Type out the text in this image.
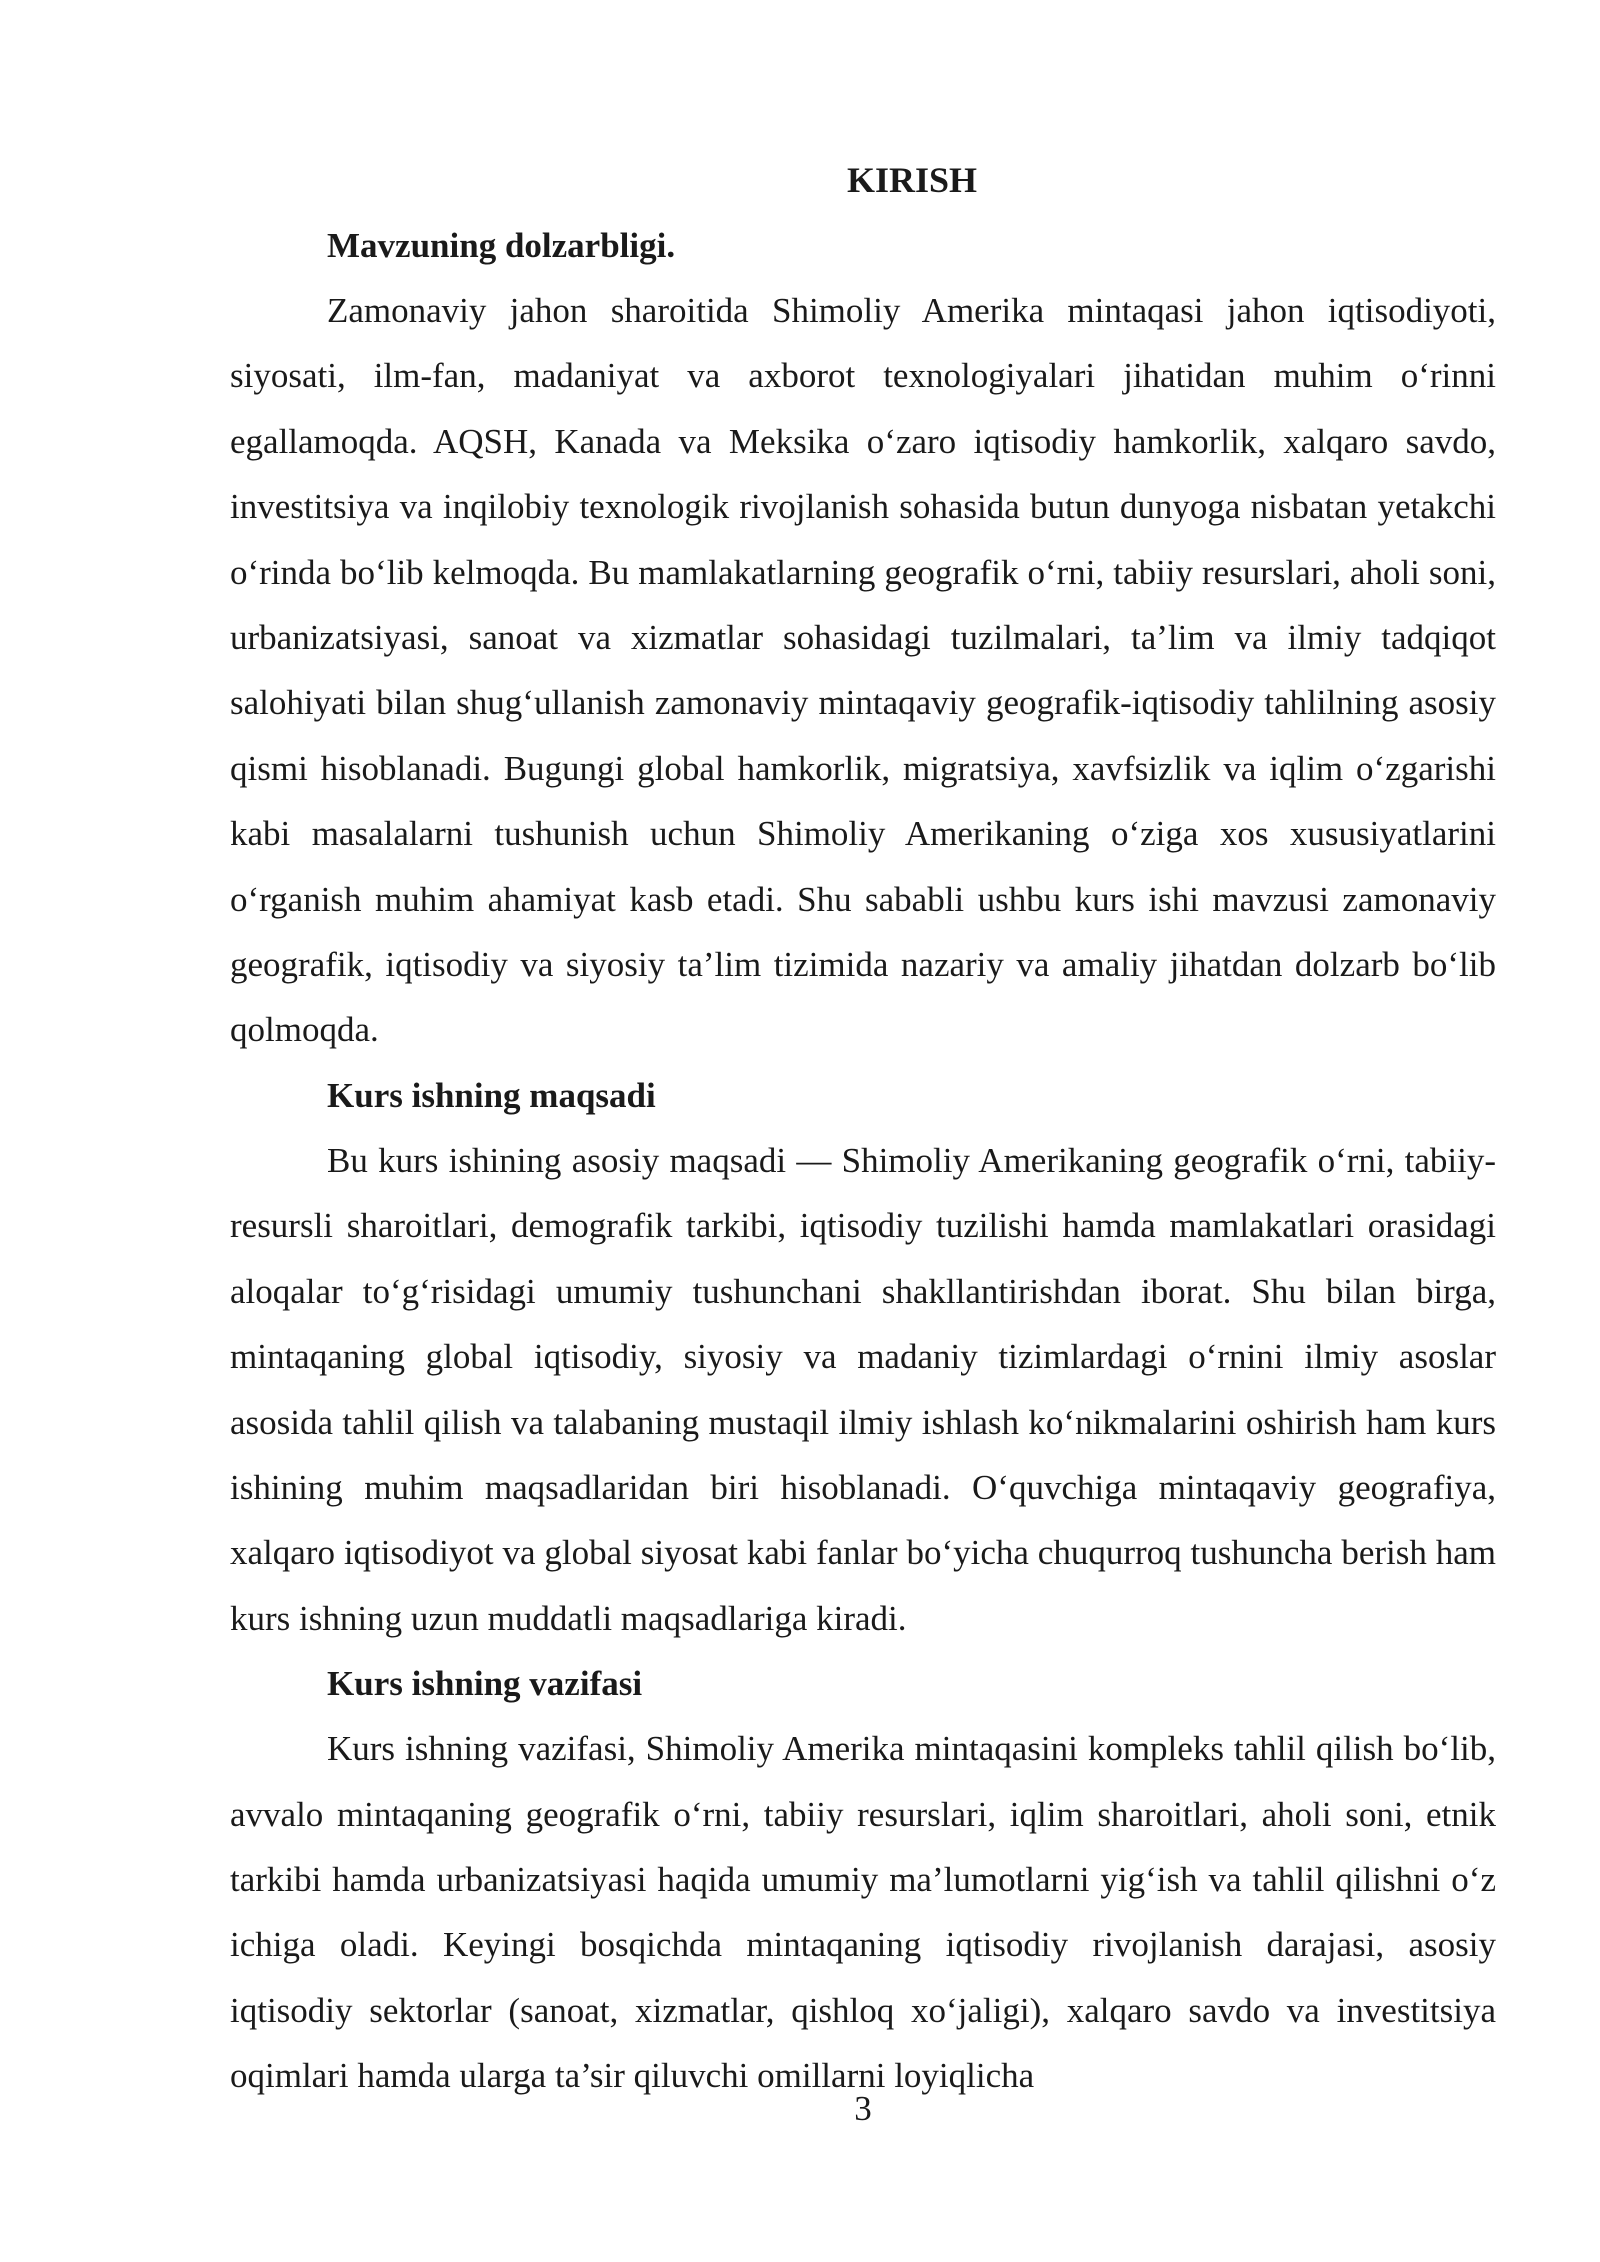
KIRISH
Mavzuning dolzarbligi.

Zamonaviy jahon sharoitida Shimoliy Amerika mintaqasi jahon iqtisodiyoti, siyosati, ilm-fan, madaniyat va axborot texnologiyalari jihatidan muhim o‘rinni egallamoqda. AQSH, Kanada va Meksika o‘zaro iqtisodiy hamkorlik, xalqaro savdo, investitsiya va inqilobiy texnologik rivojlanish sohasida butun dunyoga nisbatan yetakchi o‘rinda bo‘lib kelmoqda. Bu mamlakatlarning geografik o‘rni, tabiiy resurslari, aholi soni, urbanizatsiyasi, sanoat va xizmatlar sohasidagi tuzilmalari, ta’lim va ilmiy tadqiqot salohiyati bilan shug‘ullanish zamonaviy mintaqaviy geografik-iqtisodiy tahlilning asosiy qismi hisoblanadi. Bugungi global hamkorlik, migratsiya, xavfsizlik va iqlim o‘zgarishi kabi masalalarni tushunish uchun Shimoliy Amerikaning o‘ziga xos xususiyatlarini o‘rganish muhim ahamiyat kasb etadi. Shu sababli ushbu kurs ishi mavzusi zamonaviy geografik, iqtisodiy va siyosiy ta’lim tizimida nazariy va amaliy jihatdan dolzarb bo‘lib qolmoqda.

Kurs ishning maqsadi

Bu kurs ishining asosiy maqsadi — Shimoliy Amerikaning geografik o‘rni, tabiiy-resursli sharoitlari, demografik tarkibi, iqtisodiy tuzilishi hamda mamlakatlari orasidagi aloqalar to‘g‘risidagi umumiy tushunchani shakllantirishdan iborat. Shu bilan birga, mintaqaning global iqtisodiy, siyosiy va madaniy tizimlardagi o‘rnini ilmiy asoslar asosida tahlil qilish va talabaning mustaqil ilmiy ishlash ko‘nikmalarini oshirish ham kurs ishining muhim maqsadlaridan biri hisoblanadi. O‘quvchiga mintaqaviy geografiya, xalqaro iqtisodiyot va global siyosat kabi fanlar bo‘yicha chuqurroq tushuncha berish ham kurs ishning uzun muddatli maqsadlariga kiradi.

Kurs ishning vazifasi

Kurs ishning vazifasi, Shimoliy Amerika mintaqasini kompleks tahlil qilish bo‘lib, avvalo mintaqaning geografik o‘rni, tabiiy resurslari, iqlim sharoitlari, aholi soni, etnik tarkibi hamda urbanizatsiyasi haqida umumiy ma’lumotlarni yig‘ish va tahlil qilishni o‘z ichiga oladi. Keyingi bosqichda mintaqaning iqtisodiy rivojlanish darajasi, asosiy iqtisodiy sektorlar (sanoat, xizmatlar, qishloq xo‘jaligi), xalqaro savdo va investitsiya oqimlari hamda ularga ta’sir qiluvchi omillarni loyiqlicha

3
